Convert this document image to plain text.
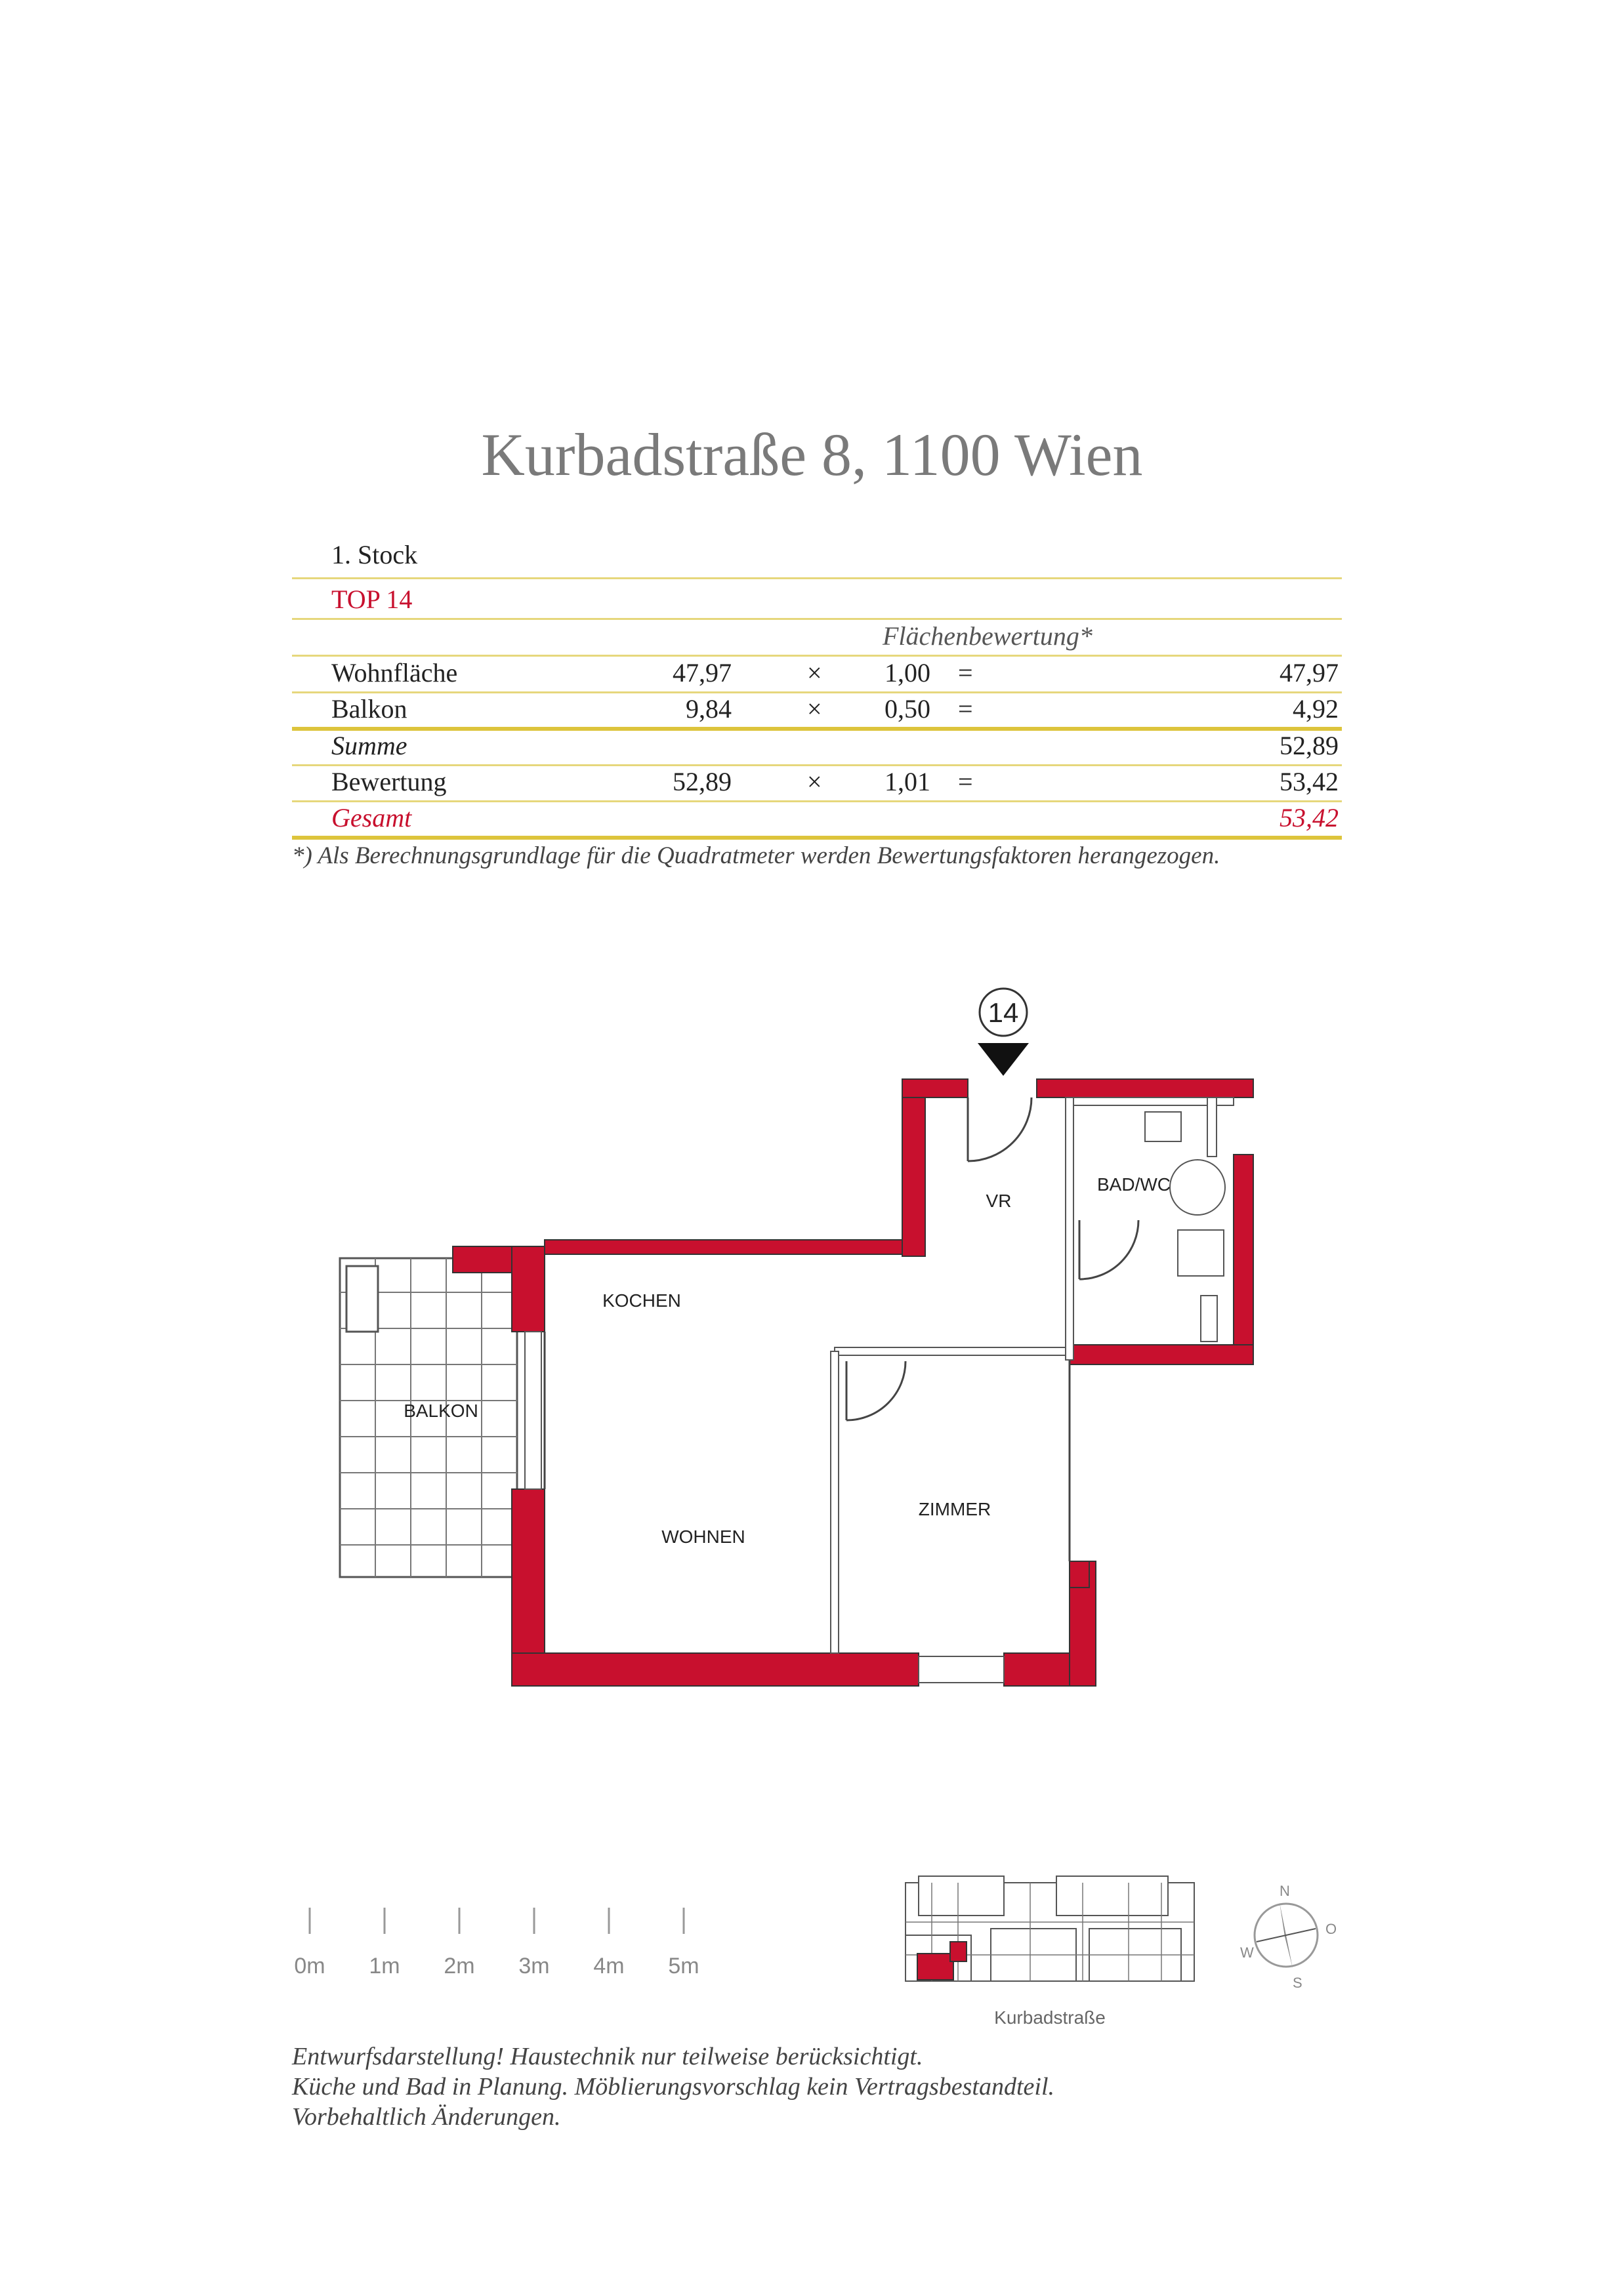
Kurbadstraße 8, 1100 Wien
1. Stock
TOP 14
Flächenbewertung*
Wohnfläche	47,97	× 1,00 =	47,97
Balkon	9,84	× 0,50 =	4,92
Summe	52,89
Bewertung	52,89	× 1,01 =	53,42
Gesamt	53,42
*) Als Berechnungsgrundlage für die Quadratmeter werden Bewertungsfaktoren herangezogen.
14
VR
BAD/WC
KOCHEN
BALKON
WOHNEN
ZIMMER
0m 1m 2m 3m 4m 5m
Kurbadstraße
N
O
S
W
Entwurfsdarstellung! Haustechnik nur teilweise berücksichtigt.
Küche und Bad in Planung. Möblierungsvorschlag kein Vertragsbestandteil.
Vorbehaltlich Änderungen.
